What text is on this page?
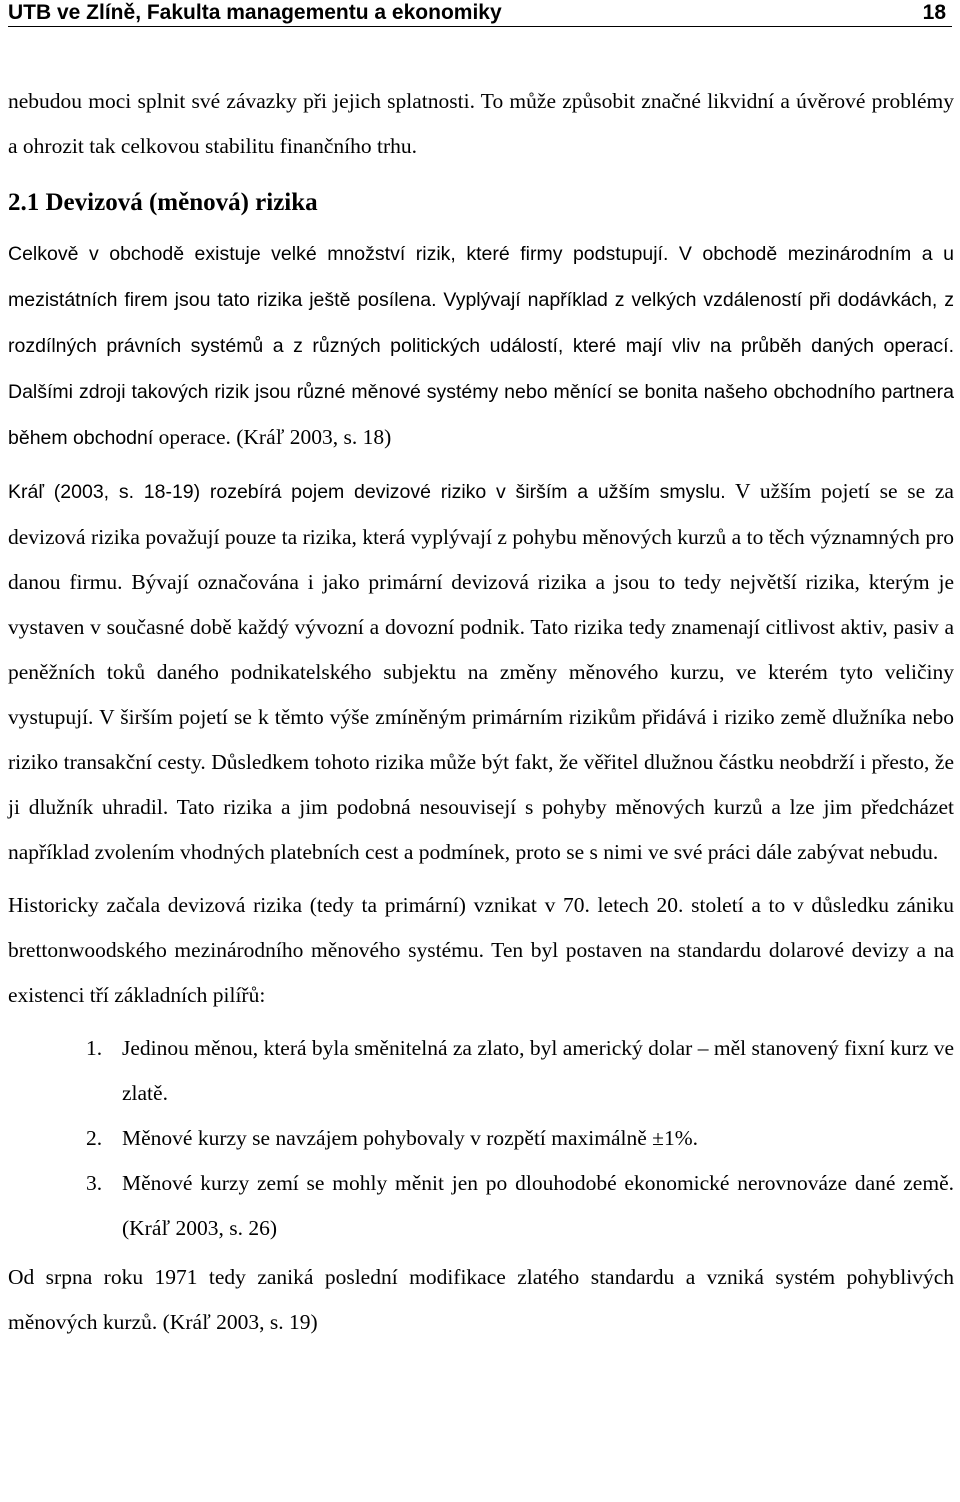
UTB ve Zlíně, Fakulta managementu a ekonomiky	18

nebudou moci splnit své závazky při jejich splatnosti. To může způsobit značné likvidní a úvěrové problémy a ohrozit tak celkovou stabilitu finančního trhu.

2.1 Devizová (měnová) rizika

Celkově v obchodě existuje velké množství rizik, které firmy podstupují. V obchodě mezinárodním a u mezistátních firem jsou tato rizika ještě posílena. Vyplývají například z velkých vzdáleností při dodávkách, z rozdílných právních systémů a z různých politických událostí, které mají vliv na průběh daných operací. Dalšími zdroji takových rizik jsou různé měnové systémy nebo měnící se bonita našeho obchodního partnera během obchodní operace. (Kráľ 2003, s. 18)

Kráľ (2003, s. 18-19) rozebírá pojem devizové riziko v širším a užším smyslu. V užším pojetí se se za devizová rizika považují pouze ta rizika, která vyplývají z pohybu měnových kurzů a to těch významných pro danou firmu. Bývají označována i jako primární devizová rizika a jsou to tedy největší rizika, kterým je vystaven v současné době každý vývozní a dovozní podnik. Tato rizika tedy znamenají citlivost aktiv, pasiv a peněžních toků daného podnikatelského subjektu na změny měnového kurzu, ve kterém tyto veličiny vystupují. V širším pojetí se k těmto výše zmíněným primárním rizikům přidává i riziko země dlužníka nebo riziko transakční cesty. Důsledkem tohoto rizika může být fakt, že věřitel dlužnou částku neobdrží i přesto, že ji dlužník uhradil. Tato rizika a jim podobná nesouvisejí s pohyby měnových kurzů a lze jim předcházet například zvolením vhodných platebních cest a podmínek, proto se s nimi ve své práci dále zabývat nebudu.

Historicky začala devizová rizika (tedy ta primární) vznikat v 70. letech 20. století a to v důsledku zániku brettonwoodského mezinárodního měnového systému. Ten byl postaven na standardu dolarové devizy a na existenci tří základních pilířů:

1. Jedinou měnou, která byla směnitelná za zlato, byl americký dolar – měl stanovený fixní kurz ve zlatě.
2. Měnové kurzy se navzájem pohybovaly v rozpětí maximálně ±1%.
3. Měnové kurzy zemí se mohly měnit jen po dlouhodobé ekonomické nerovnováze dané země. (Kráľ 2003, s. 26)

Od srpna roku 1971 tedy zaniká poslední modifikace zlatého standardu a vzniká systém pohyblivých měnových kurzů. (Kráľ 2003, s. 19)
